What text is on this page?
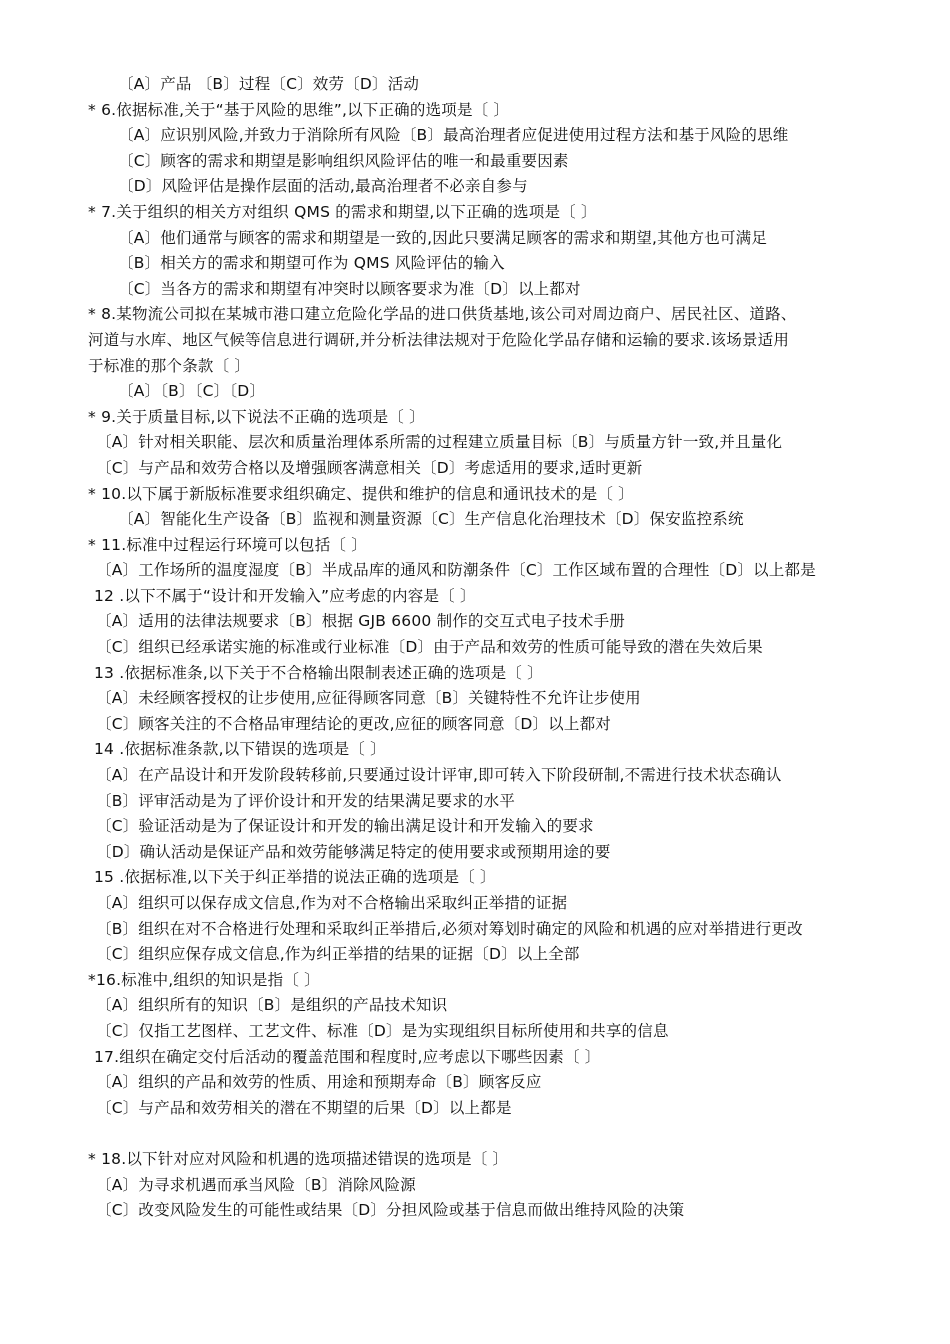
〔A〕产品 〔B〕过程〔C〕效劳〔D〕活动
* 6.依据标准,关于“基于风险的思维”,以下正确的选项是〔 〕
〔A〕应识别风险,并致力于消除所有风险〔B〕最高治理者应促进使用过程方法和基于风险的思维
〔C〕顾客的需求和期望是影响组织风险评估的唯一和最重要因素
〔D〕风险评估是操作层面的活动,最高治理者不必亲自参与
* 7.关于组织的相关方对组织 QMS 的需求和期望,以下正确的选项是〔 〕
〔A〕他们通常与顾客的需求和期望是一致的,因此只要满足顾客的需求和期望,其他方也可满足
〔B〕相关方的需求和期望可作为 QMS 风险评估的输入
〔C〕当各方的需求和期望有冲突时以顾客要求为准〔D〕以上都对
* 8.某物流公司拟在某城市港口建立危险化学品的进口供货基地,该公司对周边商户、居民社区、道路、
河道与水库、地区气候等信息进行调研,并分析法律法规对于危险化学品存储和运输的要求.该场景适用
于标准的那个条款〔 〕
〔A〕〔B〕〔C〕〔D〕
* 9.关于质量目标,以下说法不正确的选项是〔 〕
〔A〕针对相关职能、层次和质量治理体系所需的过程建立质量目标〔B〕与质量方针一致,并且量化
〔C〕与产品和效劳合格以及增强顾客满意相关〔D〕考虑适用的要求,适时更新
* 10.以下属于新版标准要求组织确定、提供和维护的信息和通讯技术的是〔 〕
〔A〕智能化生产设备〔B〕监视和测量资源〔C〕生产信息化治理技术〔D〕保安监控系统
* 11.标准中过程运行环境可以包括〔 〕
〔A〕工作场所的温度湿度〔B〕半成品库的通风和防潮条件〔C〕工作区域布置的合理性〔D〕以上都是
12 .以下不属于“设计和开发输入”应考虑的内容是〔 〕
〔A〕适用的法律法规要求〔B〕根据 GJB 6600 制作的交互式电子技术手册
〔C〕组织已经承诺实施的标准或行业标准〔D〕由于产品和效劳的性质可能导致的潜在失效后果
13 .依据标准条,以下关于不合格输出限制表述正确的选项是〔 〕
〔A〕未经顾客授权的让步使用,应征得顾客同意〔B〕关键特性不允许让步使用
〔C〕顾客关注的不合格品审理结论的更改,应征的顾客同意〔D〕以上都对
14 .依据标准条款,以下错误的选项是〔 〕
〔A〕在产品设计和开发阶段转移前,只要通过设计评审,即可转入下阶段研制,不需进行技术状态确认
〔B〕评审活动是为了评价设计和开发的结果满足要求的水平
〔C〕验证活动是为了保证设计和开发的输出满足设计和开发输入的要求
〔D〕确认活动是保证产品和效劳能够满足特定的使用要求或预期用途的要
15 .依据标准,以下关于纠正举措的说法正确的选项是〔 〕
〔A〕组织可以保存成文信息,作为对不合格输出采取纠正举措的证据
〔B〕组织在对不合格进行处理和采取纠正举措后,必须对筹划时确定的风险和机遇的应对举措进行更改
〔C〕组织应保存成文信息,作为纠正举措的结果的证据〔D〕以上全部
*16.标准中,组织的知识是指〔 〕
〔A〕组织所有的知识〔B〕是组织的产品技术知识
〔C〕仅指工艺图样、工艺文件、标准〔D〕是为实现组织目标所使用和共享的信息
17.组织在确定交付后活动的覆盖范围和程度时,应考虑以下哪些因素〔 〕
〔A〕组织的产品和效劳的性质、用途和预期寿命〔B〕顾客反应
〔C〕与产品和效劳相关的潜在不期望的后果〔D〕以上都是
* 18.以下针对应对风险和机遇的选项描述错误的选项是〔 〕
〔A〕为寻求机遇而承当风险〔B〕消除风险源
〔C〕改变风险发生的可能性或结果〔D〕分担风险或基于信息而做出维持风险的决策
